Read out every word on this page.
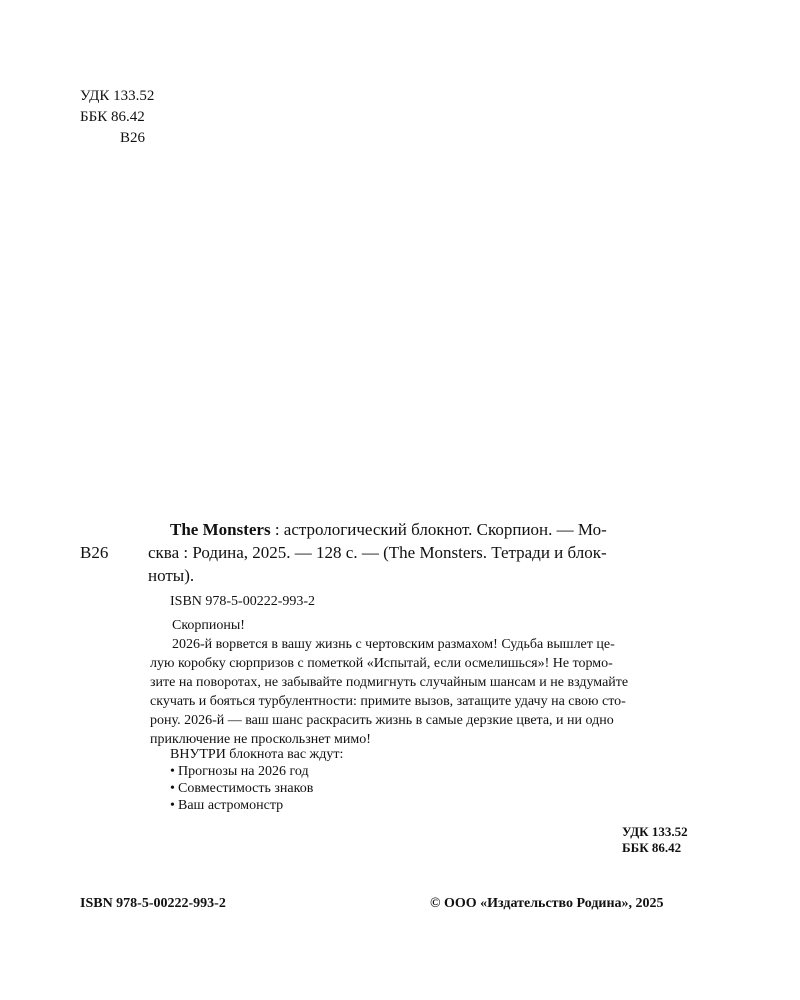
УДК 133.52
ББК 86.42
В26
В26
The Monsters : астрологический блокнот. Скорпион. — Мо-
сква : Родина, 2025. — 128 с. — (The Monsters. Тетради и блок-
ноты).
ISBN 978-5-00222-993-2
Скорпионы!
2026-й ворвется в вашу жизнь с чертовским размахом! Судьба вышлет це-
лую коробку сюрпризов с пометкой «Испытай, если осмелишься»! Не тормо-
зите на поворотах, не забывайте подмигнуть случайным шансам и не вздумайте
скучать и бояться турбулентности: примите вызов, затащите удачу на свою сто-
рону. 2026-й — ваш шанс раскрасить жизнь в самые дерзкие цвета, и ни одно
приключение не проскользнет мимо!
ВНУТРИ блокнота вас ждут:
• Прогнозы на 2026 год
• Совместимость знаков
• Ваш астромонстр
УДК 133.52
ББК 86.42
ISBN 978-5-00222-993-2	© ООО «Издательство Родина», 2025
